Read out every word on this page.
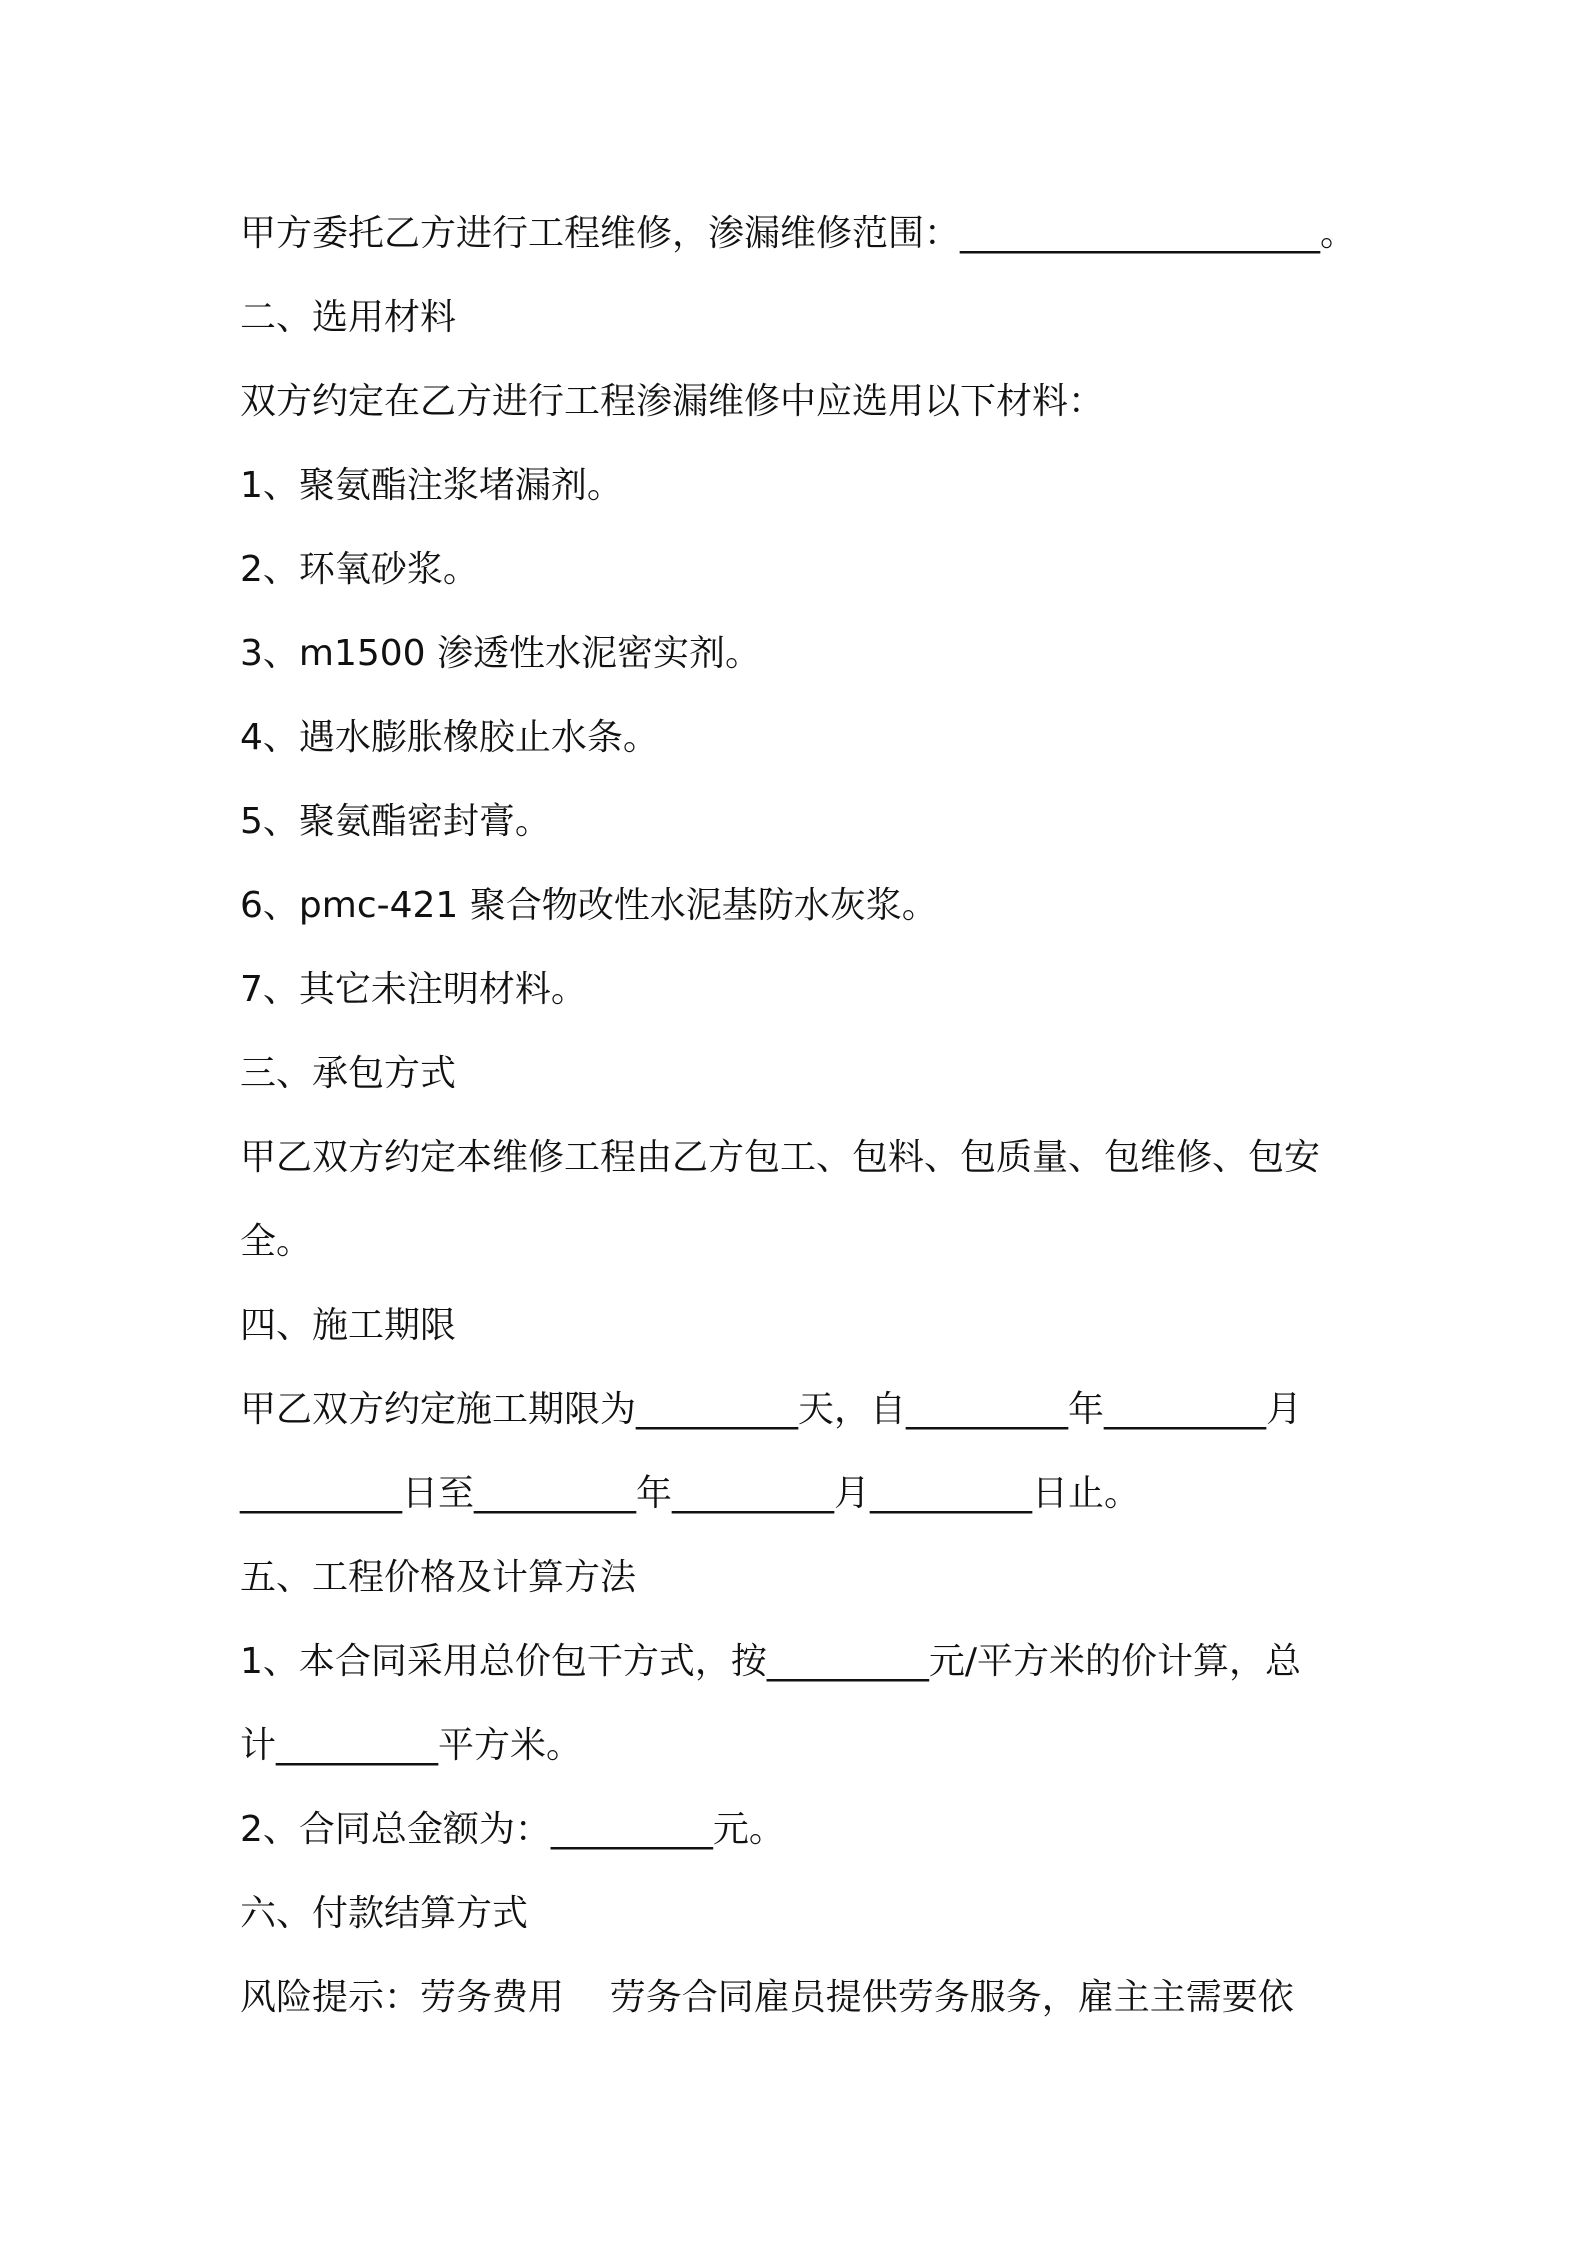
甲方委托乙方进行工程维修，渗漏维修范围：____________________。
二、选用材料
双方约定在乙方进行工程渗漏维修中应选用以下材料：
1、聚氨酯注浆堵漏剂。
2、环氧砂浆。
3、m1500 渗透性水泥密实剂。
4、遇水膨胀橡胶止水条。
5、聚氨酯密封膏。
6、pmc-421 聚合物改性水泥基防水灰浆。
7、其它未注明材料。
三、承包方式
甲乙双方约定本维修工程由乙方包工、包料、包质量、包维修、包安
全。
四、施工期限
甲乙双方约定施工期限为_________天，自_________年_________月
_________日至_________年_________月_________日止。
五、工程价格及计算方法
1、本合同采用总价包干方式，按_________元/平方米的价计算，总
计_________平方米。
2、合同总金额为：_________元。
六、付款结算方式
风险提示：劳务费用    劳务合同雇员提供劳务服务，雇主主需要依
